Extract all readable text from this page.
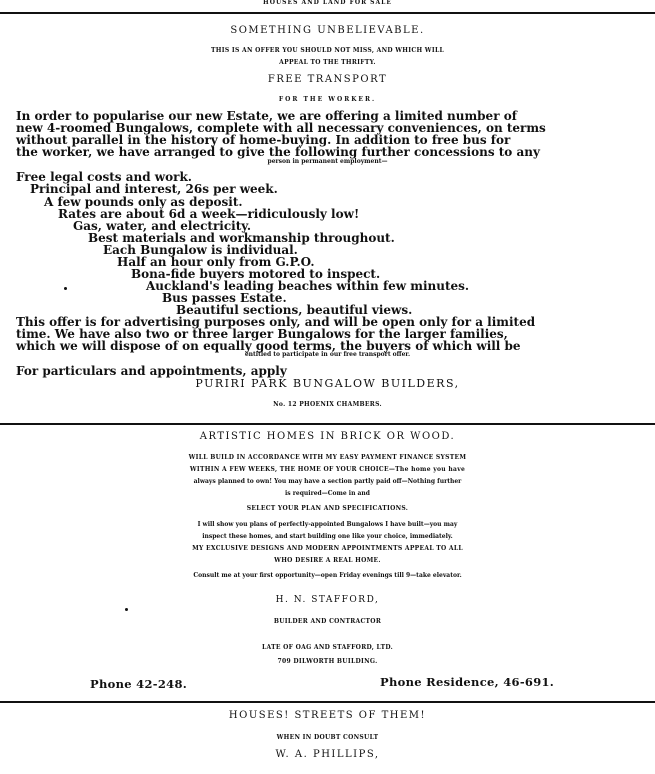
HOUSES AND LAND FOR SALE
SOMETHING UNBELIEVABLE.
THIS IS AN OFFER YOU SHOULD NOT MISS, AND WHICH WILL
APPEAL TO THE THRIFTY.
FREE TRANSPORT
FOR THE WORKER.
In order to popularise our new Estate, we are offering a limited number of
new 4-roomed Bungalows, complete with all necessary conveniences, on terms
without parallel in the history of home-buying. In addition to free bus for
the worker, we have arranged to give the following further concessions to any
person in permanent employment—
Free legal costs and work.
Principal and interest, 26s per week.
A few pounds only as deposit.
Rates are about 6d a week—ridiculously low!
Gas, water, and electricity.
Best materials and workmanship throughout.
Each Bungalow is individual.
Half an hour only from G.P.O.
Bona-fide buyers motored to inspect.
Auckland's leading beaches within few minutes.
Bus passes Estate.
Beautiful sections, beautiful views.
This offer is for advertising purposes only, and will be open only for a limited
time. We have also two or three larger Bungalows for the larger families,
which we will dispose of on equally good terms, the buyers of which will be
entitled to participate in our free transport offer.
For particulars and appointments, apply
PURIRI PARK BUNGALOW BUILDERS,
No. 12 PHOENIX CHAMBERS.
ARTISTIC HOMES IN BRICK OR WOOD.
WILL BUILD IN ACCORDANCE WITH MY EASY PAYMENT FINANCE SYSTEM
WITHIN A FEW WEEKS, THE HOME OF YOUR CHOICE—The home you have
always planned to own! You may have a section partly paid off—Nothing further
is required—Come in and
SELECT YOUR PLAN AND SPECIFICATIONS.
I will show you plans of perfectly-appointed Bungalows I have built—you may
inspect these homes, and start building one like your choice, immediately.
MY EXCLUSIVE DESIGNS AND MODERN APPOINTMENTS APPEAL TO ALL
WHO DESIRE A REAL HOME.
Consult me at your first opportunity—open Friday evenings till 9—take elevator.
H. N. STAFFORD,
BUILDER AND CONTRACTOR
LATE OF OAG AND STAFFORD, LTD.
709 DILWORTH BUILDING.
Phone 42-248.	Phone Residence, 46-691.
HOUSES! STREETS OF THEM!
WHEN IN DOUBT CONSULT
W. A. PHILLIPS,
